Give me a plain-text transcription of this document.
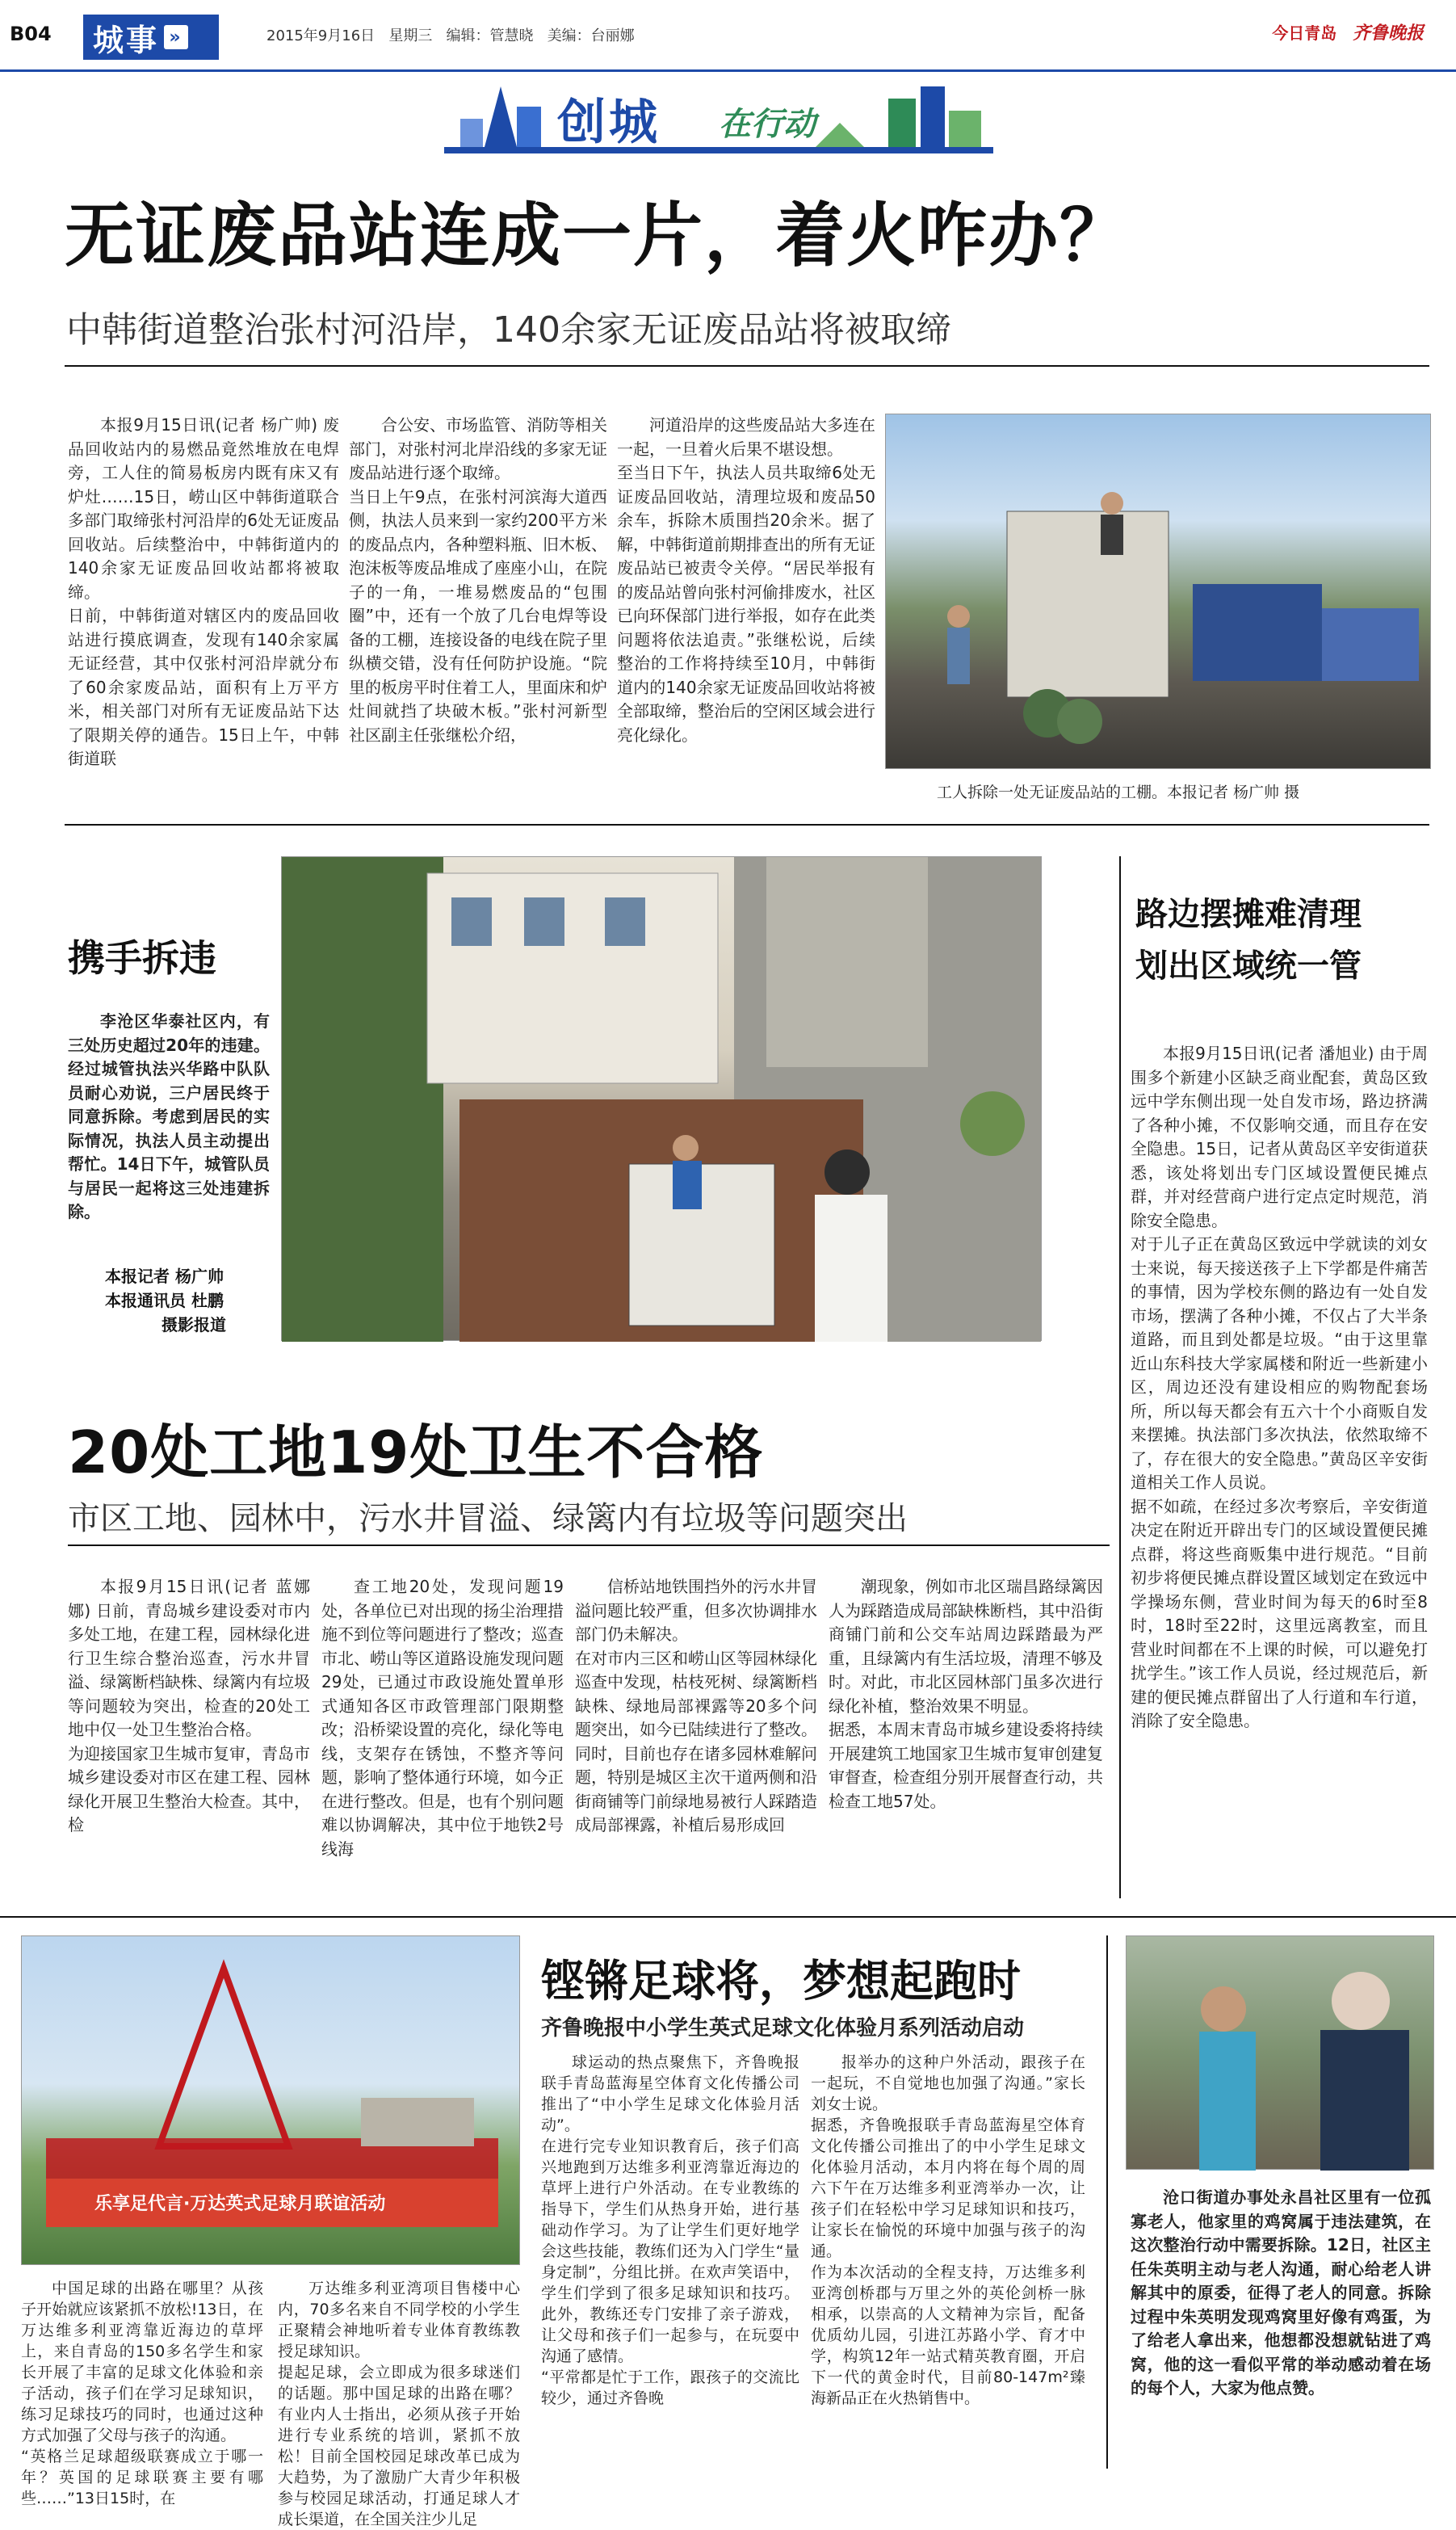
B04 城事 »	2015年9月16日 星期三 编辑：管慧晓 美编：台丽娜	今日青岛 齐鲁晚报
创城 在行动
无证废品站连成一片，着火咋办？
中韩街道整治张村河沿岸，140余家无证废品站将被取缔

本报9月15日讯(记者 杨广帅) 废品回收站内的易燃品竟然堆放在电焊旁，工人住的简易板房内既有床又有炉灶……15日，崂山区中韩街道联合多部门取缔张村河沿岸的6处无证废品回收站。后续整治中，中韩街道内的140余家无证废品回收站都将被取缔。
日前，中韩街道对辖区内的废品回收站进行摸底调查，发现有140余家属无证经营，其中仅张村河沿岸就分布了60余家废品站，面积有上万平方米，相关部门对所有无证废品站下达了限期关停的通告。15日上午，中韩街道联

合公安、市场监管、消防等相关部门，对张村河北岸沿线的多家无证废品站进行逐个取缔。
当日上午9点，在张村河滨海大道西侧，执法人员来到一家约200平方米的废品点内，各种塑料瓶、旧木板、泡沫板等废品堆成了座座小山，在院子的一角，一堆易燃废品的“包围圈”中，还有一个放了几台电焊等设备的工棚，连接设备的电线在院子里纵横交错，没有任何防护设施。“院里的板房平时住着工人，里面床和炉灶间就挡了块破木板。”张村河新型社区副主任张继松介绍，

河道沿岸的这些废品站大多连在一起，一旦着火后果不堪设想。
至当日下午，执法人员共取缔6处无证废品回收站，清理垃圾和废品50余车，拆除木质围挡20余米。据了解，中韩街道前期排查出的所有无证废品站已被责令关停。“居民举报有的废品站曾向张村河偷排废水，社区已向环保部门进行举报，如存在此类问题将依法追责。”张继松说，后续整治的工作将持续至10月，中韩街道内的140余家无证废品回收站将被全部取缔，整治后的空闲区域会进行亮化绿化。

工人拆除一处无证废品站的工棚。本报记者 杨广帅 摄
携手拆违

李沧区华泰社区内，有三处历史超过20年的违建。经过城管执法兴华路中队队员耐心劝说，三户居民终于同意拆除。考虑到居民的实际情况，执法人员主动提出帮忙。14日下午，城管队员与居民一起将这三处违建拆除。

本报记者 杨广帅
本报通讯员 杜鹏
摄影报道
路边摆摊难清理
划出区域统一管

本报9月15日讯(记者 潘旭业) 由于周围多个新建小区缺乏商业配套，黄岛区致远中学东侧出现一处自发市场，路边挤满了各种小摊，不仅影响交通，而且存在安全隐患。15日，记者从黄岛区辛安街道获悉，该处将划出专门区域设置便民摊点群，并对经营商户进行定点定时规范，消除安全隐患。
对于儿子正在黄岛区致远中学就读的刘女士来说，每天接送孩子上下学都是件痛苦的事情，因为学校东侧的路边有一处自发市场，摆满了各种小摊，不仅占了大半条道路，而且到处都是垃圾。“由于这里靠近山东科技大学家属楼和附近一些新建小区，周边还没有建设相应的购物配套场所，所以每天都会有五六十个小商贩自发来摆摊。执法部门多次执法，依然取缔不了，存在很大的安全隐患。”黄岛区辛安街道相关工作人员说。
据不如疏，在经过多次考察后，辛安街道决定在附近开辟出专门的区域设置便民摊点群，将这些商贩集中进行规范。“目前初步将便民摊点群设置区域划定在致远中学操场东侧，营业时间为每天的6时至8时，18时至22时，这里远离教室，而且营业时间都在不上课的时候，可以避免打扰学生。”该工作人员说，经过规范后，新建的便民摊点群留出了人行道和车行道，消除了安全隐患。

20处工地19处卫生不合格
市区工地、园林中，污水井冒溢、绿篱内有垃圾等问题突出

本报9月15日讯(记者 蓝娜娜) 日前，青岛城乡建设委对市内多处工地，在建工程，园林绿化进行卫生综合整治巡查，污水井冒溢、绿篱断档缺株、绿篱内有垃圾等问题较为突出，检查的20处工地中仅一处卫生整治合格。
为迎接国家卫生城市复审，青岛市城乡建设委对市区在建工程、园林绿化开展卫生整治大检查。其中，检

查工地20处，发现问题19处，各单位已对出现的扬尘治理措施不到位等问题进行了整改；巡查市北、崂山等区道路设施发现问题29处，已通过市政设施处置单形式通知各区市政管理部门限期整改；沿桥梁设置的亮化，绿化等电线，支架存在锈蚀，不整齐等问题，影响了整体通行环境，如今正在进行整改。但是，也有个别问题难以协调解决，其中位于地铁2号线海

信桥站地铁围挡外的污水井冒溢问题比较严重，但多次协调排水部门仍未解决。
在对市内三区和崂山区等园林绿化巡查中发现，枯枝死树、绿篱断档缺株、绿地局部裸露等20多个问题突出，如今已陆续进行了整改。同时，目前也存在诸多园林难解问题，特别是城区主次干道两侧和沿街商铺等门前绿地易被行人踩踏造成局部裸露，补植后易形成回

潮现象，例如市北区瑞昌路绿篱因人为踩踏造成局部缺株断档，其中沿街商铺门前和公交车站周边踩踏最为严重，且绿篱内有生活垃圾，清理不够及时。对此，市北区园林部门虽多次进行绿化补植，整治效果不明显。
据悉，本周末青岛市城乡建设委将持续开展建筑工地国家卫生城市复审创建复审督查，检查组分别开展督查行动，共检查工地57处。

乐享足代言·万达英式足球月联谊活动
铿锵足球将，梦想起跑时
齐鲁晚报中小学生英式足球文化体验月系列活动启动

中国足球的出路在哪里？从孩子开始就应该紧抓不放松!13日，在万达维多利亚湾靠近海边的草坪上，来自青岛的150多名学生和家长开展了丰富的足球文化体验和亲子活动，孩子们在学习足球知识，练习足球技巧的同时，也通过这种方式加强了父母与孩子的沟通。
“英格兰足球超级联赛成立于哪一年？英国的足球联赛主要有哪些……”13日15时，在

万达维多利亚湾项目售楼中心内，70多名来自不同学校的小学生正聚精会神地听着专业体育教练教授足球知识。
提起足球，会立即成为很多球迷们的话题。那中国足球的出路在哪？有业内人士指出，必须从孩子开始进行专业系统的培训，紧抓不放松！目前全国校园足球改革已成为大趋势，为了激励广大青少年积极参与校园足球活动，打通足球人才成长渠道，在全国关注少儿足

球运动的热点聚焦下，齐鲁晚报联手青岛蓝海星空体育文化传播公司推出了“中小学生足球文化体验月活动”。
在进行完专业知识教育后，孩子们高兴地跑到万达维多利亚湾靠近海边的草坪上进行户外活动。在专业教练的指导下，学生们从热身开始，进行基础动作学习。为了让学生们更好地学会这些技能，教练们还为入门学生“量身定制”，分组比拼。在欢声笑语中，学生们学到了很多足球知识和技巧。此外，教练还专门安排了亲子游戏，让父母和孩子们一起参与，在玩耍中沟通了感情。
“平常都是忙于工作，跟孩子的交流比较少，通过齐鲁晚

报举办的这种户外活动，跟孩子在一起玩，不自觉地也加强了沟通。”家长刘女士说。
据悉，齐鲁晚报联手青岛蓝海星空体育文化传播公司推出了的中小学生足球文化体验月活动，本月内将在每个周的周六下午在万达维多利亚湾举办一次，让孩子们在轻松中学习足球知识和技巧，让家长在愉悦的环境中加强与孩子的沟通。
作为本次活动的全程支持，万达维多利亚湾创桥郡与万里之外的英伦剑桥一脉相承，以崇高的人文精神为宗旨，配备优质幼儿园，引进江苏路小学、育才中学，构筑12年一站式精英教育圈，开启下一代的黄金时代，目前80-147m²臻海新品正在火热销售中。

沧口街道办事处永昌社区里有一位孤寡老人，他家里的鸡窝属于违法建筑，在这次整治行动中需要拆除。12日，社区主任朱英明主动与老人沟通，耐心给老人讲解其中的原委，征得了老人的同意。拆除过程中朱英明发现鸡窝里好像有鸡蛋，为了给老人拿出来，他想都没想就钻进了鸡窝，他的这一看似平常的举动感动着在场的每个人，大家为他点赞。
